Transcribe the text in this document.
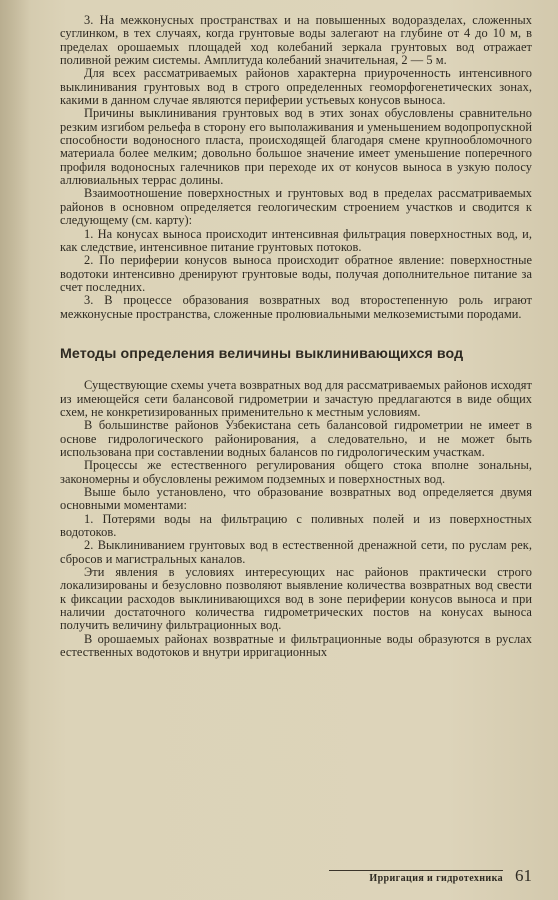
3. На межконусных пространствах и на повышенных водоразделах, сложенных суглинком, в тех случаях, когда грунтовые воды залегают на глубине от 4 до 10 м, в пределах орошаемых площадей ход колебаний зеркала грунтовых вод отражает поливной режим системы. Амплитуда колебаний значительная, 2 — 5 м.

Для всех рассматриваемых районов характерна приуроченность интенсивного выклинивания грунтовых вод в строго определенных геоморфогенетических зонах, какими в данном случае являются периферии устьевых конусов выноса.

Причины выклинивания грунтовых вод в этих зонах обусловлены сравнительно резким изгибом рельефа в сторону его выполаживания и уменьшением водопропускной способности водоносного пласта, происходящей благодаря смене крупнообломочного материала более мелким; довольно большое значение имеет уменьшение поперечного профиля водоносных галечников при переходе их от конусов выноса в узкую полосу аллювиальных террас долины.

Взаимоотношение поверхностных и грунтовых вод в пределах рассматриваемых районов в основном определяется геологическим строением участков и сводится к следующему (см. карту):

1. На конусах выноса происходит интенсивная фильтрация поверхностных вод, и, как следствие, интенсивное питание грунтовых потоков.

2. По периферии конусов выноса происходит обратное явление: поверхностные водотоки интенсивно дренируют грунтовые воды, получая дополнительное питание за счет последних.

3. В процессе образования возвратных вод второстепенную роль играют межконусные пространства, сложенные пролювиальными мелкоземистыми породами.

Методы определения величины выклинивающихся вод

Существующие схемы учета возвратных вод для рассматриваемых районов исходят из имеющейся сети балансовой гидрометрии и зачастую предлагаются в виде общих схем, не конкретизированных применительно к местным условиям.

В большинстве районов Узбекистана сеть балансовой гидрометрии не имеет в основе гидрологического районирования, а следовательно, и не может быть использована при составлении водных балансов по гидрологическим участкам.

Процессы же естественного регулирования общего стока вполне зональны, закономерны и обусловлены режимом подземных и поверхностных вод.

Выше было установлено, что образование возвратных вод определяется двумя основными моментами:

1. Потерями воды на фильтрацию с поливных полей и из поверхностных водотоков.

2. Выклиниванием грунтовых вод в естественной дренажной сети, по руслам рек, сбросов и магистральных каналов.

Эти явления в условиях интересующих нас районов практически строго локализированы и безусловно позволяют выявление количества возвратных вод свести к фиксации расходов выклинивающихся вод в зоне периферии конусов выноса и при наличии достаточного количества гидрометрических постов на конусах выноса получить величину фильтрационных вод.

В орошаемых районах возвратные и фильтрационные воды образуются в руслах естественных водотоков и внутри ирригационных

Ирригация и гидротехника 61
